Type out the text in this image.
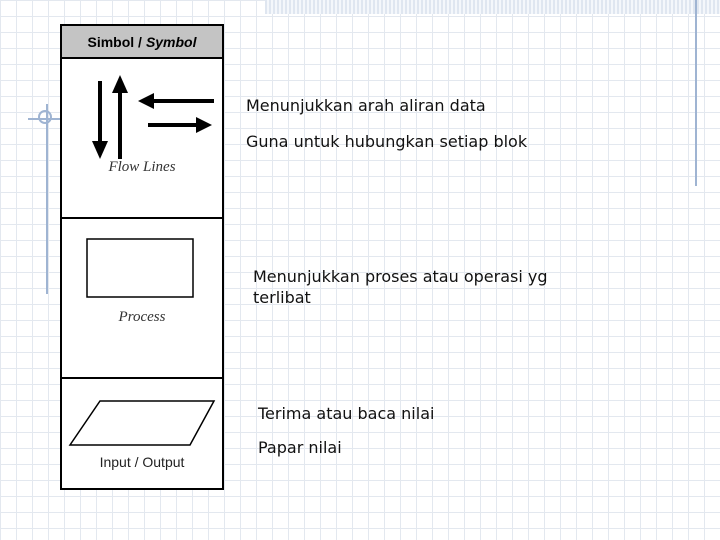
Simbol / Symbol
Flow Lines
Process
Input / Output
Menunjukkan arah aliran data
Guna untuk hubungkan setiap blok
Menunjukkan proses atau operasi yg
terlibat
Terima atau baca nilai
Papar nilai
